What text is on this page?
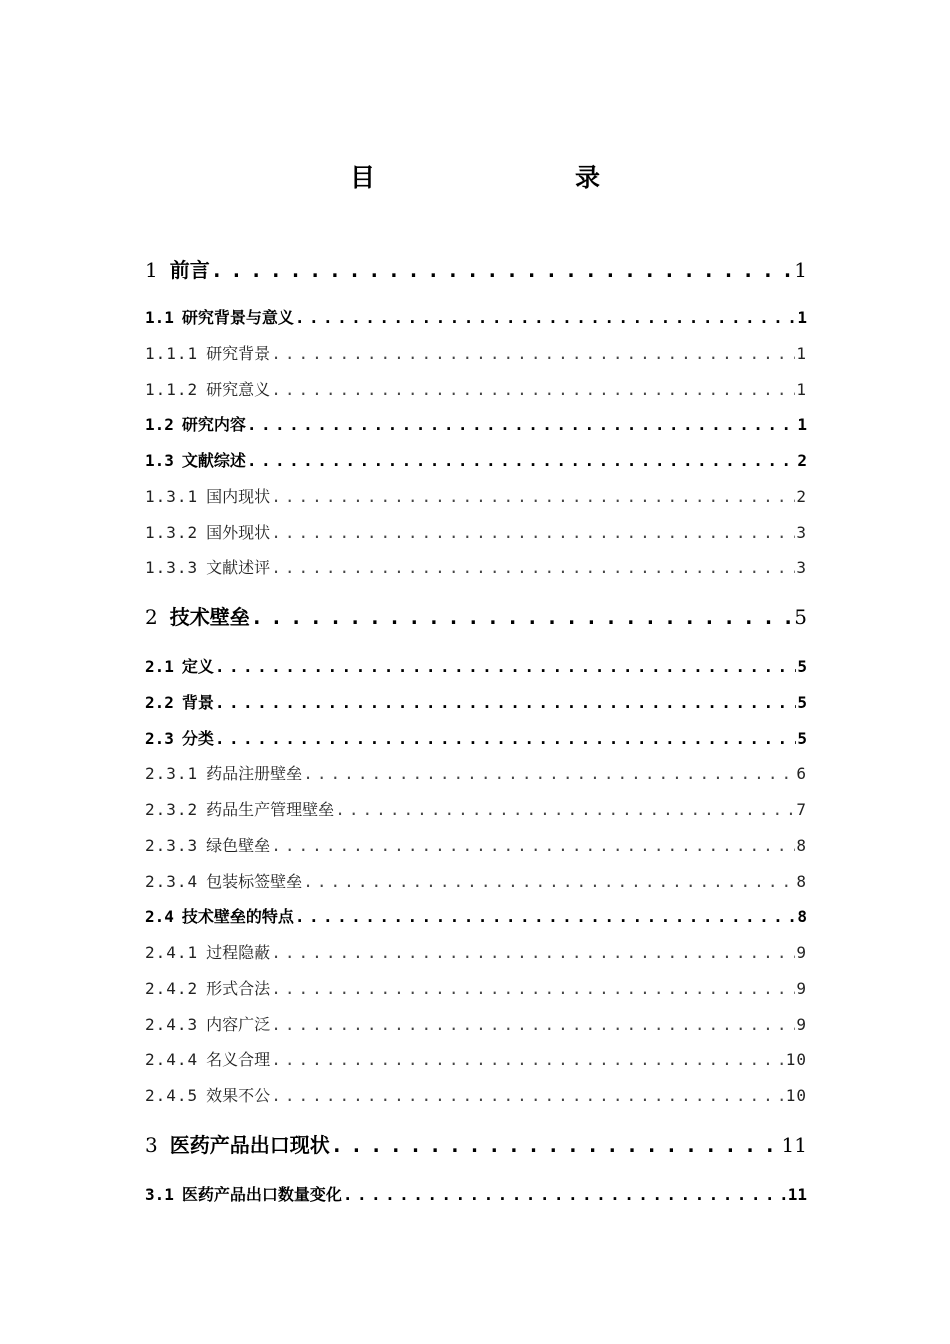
目　　录
1 前言 . . .	1
1.1 研究背景与意义 . . .	1
1.1.1 研究背景 . . .	1
1.1.2 研究意义 . . .	1
1.2 研究内容 . . .	1
1.3 文献综述 . . .	2
1.3.1 国内现状 . . .	2
1.3.2 国外现状 . . .	3
1.3.3 文献述评 . . .	3
2 技术壁垒 . . .	5
2.1 定义 . . .	5
2.2 背景 . . .	5
2.3 分类 . . .	5
2.3.1 药品注册壁垒 . . .	6
2.3.2 药品生产管理壁垒 . . .	7
2.3.3 绿色壁垒 . . .	8
2.3.4 包装标签壁垒 . . .	8
2.4 技术壁垒的特点 . . .	8
2.4.1 过程隐蔽 . . .	9
2.4.2 形式合法 . . .	9
2.4.3 内容广泛 . . .	9
2.4.4 名义合理 . . .	10
2.4.5 效果不公 . . .	10
3 医药产品出口现状 . . .	11
3.1 医药产品出口数量变化 . . .	11
